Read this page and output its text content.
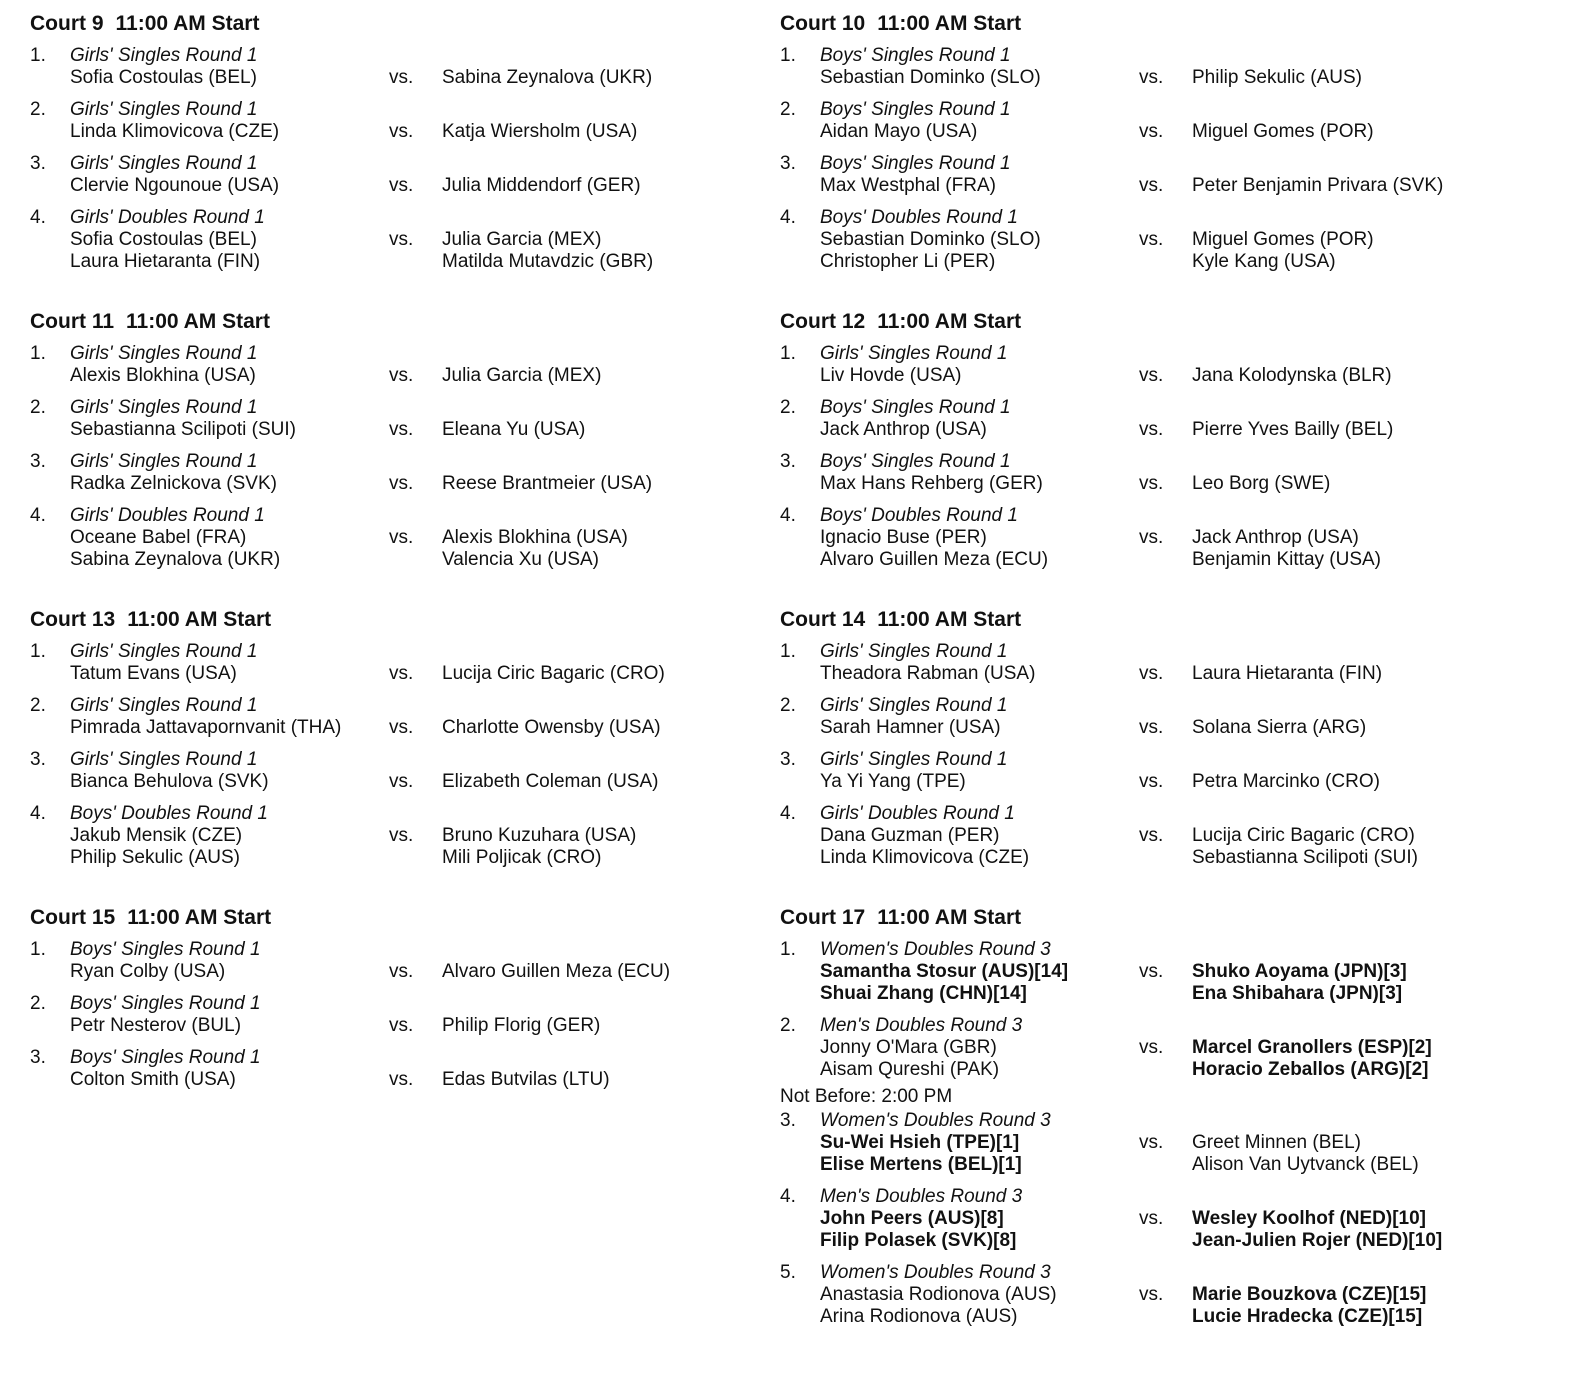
Court 9 11:00 AM Start
1. Girls' Singles Round 1
Sofia Costoulas (BEL)	vs. Sabina Zeynalova (UKR)
2. Girls' Singles Round 1
Linda Klimovicova (CZE)	vs. Katja Wiersholm (USA)
3. Girls' Singles Round 1
Clervie Ngounoue (USA)	vs. Julia Middendorf (GER)
4. Girls' Doubles Round 1
Sofia Costoulas (BEL)	vs. Julia Garcia (MEX)
Laura Hietaranta (FIN)	Matilda Mutavdzic (GBR)
Court 10 11:00 AM Start
1. Boys' Singles Round 1
Sebastian Dominko (SLO)	vs. Philip Sekulic (AUS)
2. Boys' Singles Round 1
Aidan Mayo (USA)	vs. Miguel Gomes (POR)
3. Boys' Singles Round 1
Max Westphal (FRA)	vs. Peter Benjamin Privara (SVK)
4. Boys' Doubles Round 1
Sebastian Dominko (SLO)	vs. Miguel Gomes (POR)
Christopher Li (PER)	Kyle Kang (USA)
Court 11 11:00 AM Start
1. Girls' Singles Round 1
Alexis Blokhina (USA)	vs. Julia Garcia (MEX)
2. Girls' Singles Round 1
Sebastianna Scilipoti (SUI)	vs. Eleana Yu (USA)
3. Girls' Singles Round 1
Radka Zelnickova (SVK)	vs. Reese Brantmeier (USA)
4. Girls' Doubles Round 1
Oceane Babel (FRA)	vs. Alexis Blokhina (USA)
Sabina Zeynalova (UKR)	Valencia Xu (USA)
Court 12 11:00 AM Start
1. Girls' Singles Round 1
Liv Hovde (USA)	vs. Jana Kolodynska (BLR)
2. Boys' Singles Round 1
Jack Anthrop (USA)	vs. Pierre Yves Bailly (BEL)
3. Boys' Singles Round 1
Max Hans Rehberg (GER)	vs. Leo Borg (SWE)
4. Boys' Doubles Round 1
Ignacio Buse (PER)	vs. Jack Anthrop (USA)
Alvaro Guillen Meza (ECU)	Benjamin Kittay (USA)
Court 13 11:00 AM Start
1. Girls' Singles Round 1
Tatum Evans (USA)	vs. Lucija Ciric Bagaric (CRO)
2. Girls' Singles Round 1
Pimrada Jattavapornvanit (THA)	vs. Charlotte Owensby (USA)
3. Girls' Singles Round 1
Bianca Behulova (SVK)	vs. Elizabeth Coleman (USA)
4. Boys' Doubles Round 1
Jakub Mensik (CZE)	vs. Bruno Kuzuhara (USA)
Philip Sekulic (AUS)	Mili Poljicak (CRO)
Court 14 11:00 AM Start
1. Girls' Singles Round 1
Theadora Rabman (USA)	vs. Laura Hietaranta (FIN)
2. Girls' Singles Round 1
Sarah Hamner (USA)	vs. Solana Sierra (ARG)
3. Girls' Singles Round 1
Ya Yi Yang (TPE)	vs. Petra Marcinko (CRO)
4. Girls' Doubles Round 1
Dana Guzman (PER)	vs. Lucija Ciric Bagaric (CRO)
Linda Klimovicova (CZE)	Sebastianna Scilipoti (SUI)
Court 15 11:00 AM Start
1. Boys' Singles Round 1
Ryan Colby (USA)	vs. Alvaro Guillen Meza (ECU)
2. Boys' Singles Round 1
Petr Nesterov (BUL)	vs. Philip Florig (GER)
3. Boys' Singles Round 1
Colton Smith (USA)	vs. Edas Butvilas (LTU)
Court 17 11:00 AM Start
1. Women's Doubles Round 3
Samantha Stosur (AUS)[14]	vs. Shuko Aoyama (JPN)[3]
Shuai Zhang (CHN)[14]	Ena Shibahara (JPN)[3]
2. Men's Doubles Round 3
Jonny O'Mara (GBR)	vs. Marcel Granollers (ESP)[2]
Aisam Qureshi (PAK)	Horacio Zeballos (ARG)[2]
Not Before: 2:00 PM
3. Women's Doubles Round 3
Su-Wei Hsieh (TPE)[1]	vs. Greet Minnen (BEL)
Elise Mertens (BEL)[1]	Alison Van Uytvanck (BEL)
4. Men's Doubles Round 3
John Peers (AUS)[8]	vs. Wesley Koolhof (NED)[10]
Filip Polasek (SVK)[8]	Jean-Julien Rojer (NED)[10]
5. Women's Doubles Round 3
Anastasia Rodionova (AUS)	vs. Marie Bouzkova (CZE)[15]
Arina Rodionova (AUS)	Lucie Hradecka (CZE)[15]
